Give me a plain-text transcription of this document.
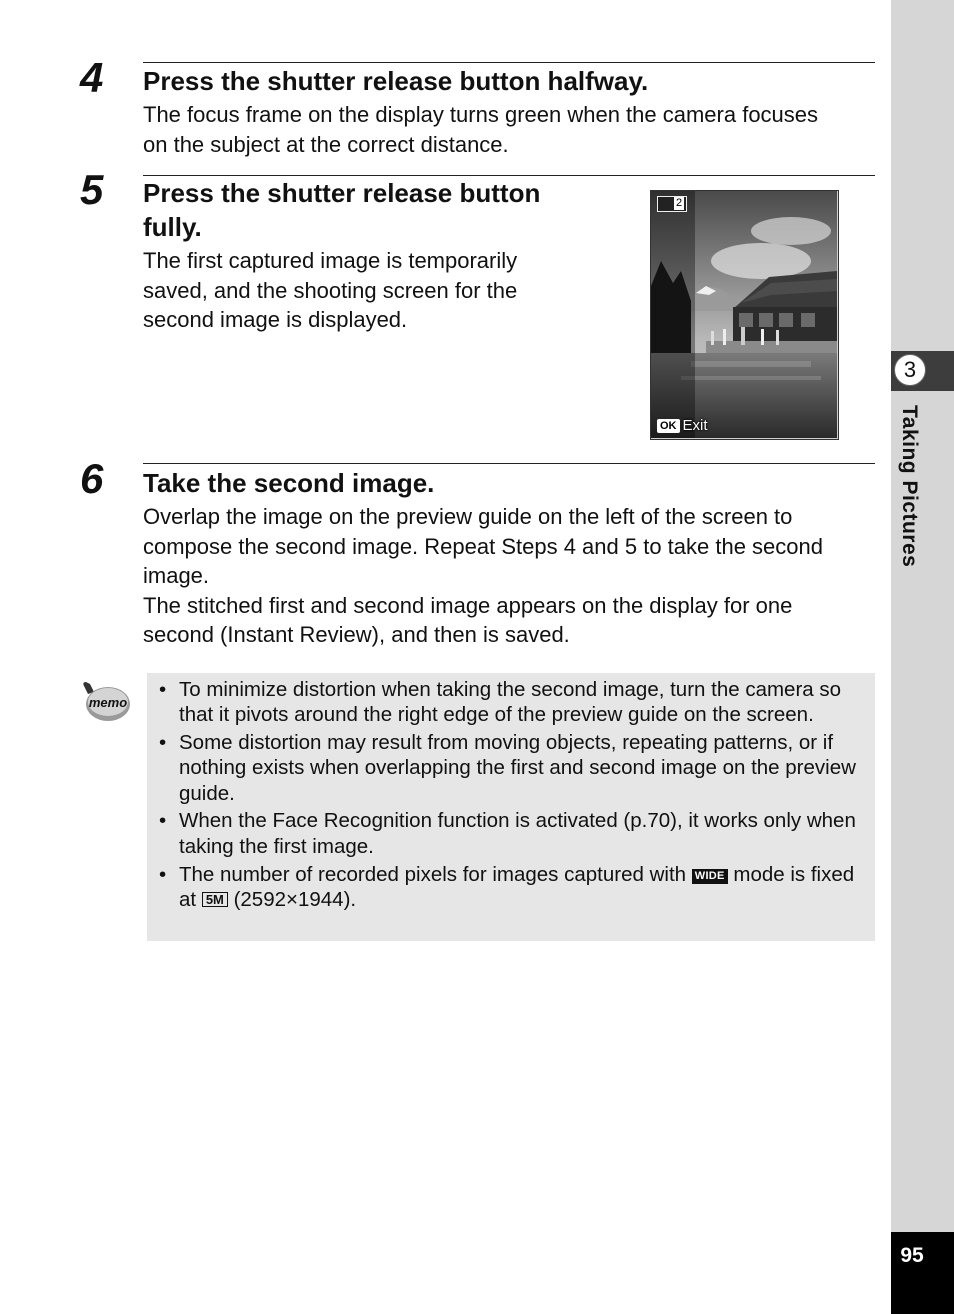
3
Taking Pictures
95
4 Press the shutter release button halfway.
The focus frame on the display turns green when the camera focuses
on the subject at the correct distance.
5 Press the shutter release button
fully.
The first captured image is temporarily
saved, and the shooting screen for the
second image is displayed.
2
OK Exit
6 Take the second image.
Overlap the image on the preview guide on the left of the screen to
compose the second image. Repeat Steps 4 and 5 to take the second
image.
The stitched first and second image appears on the display for one
second (Instant Review), and then is saved.
memo
• To minimize distortion when taking the second image, turn the camera so that it pivots around the right edge of the preview guide on the screen.
• Some distortion may result from moving objects, repeating patterns, or if nothing exists when overlapping the first and second image on the preview guide.
• When the Face Recognition function is activated (p.70), it works only when taking the first image.
• The number of recorded pixels for images captured with WIDE mode is fixed at 5M (2592×1944).
